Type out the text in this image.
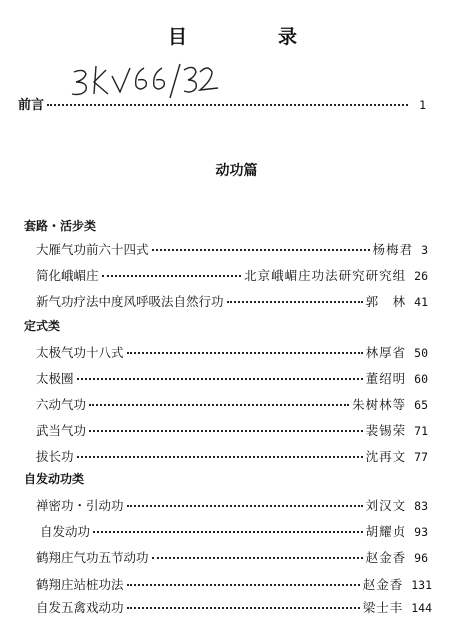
目　录
前言	1
动功篇
套路・活步类
大雁气功前六十四式	杨梅君 3
简化峨嵋庄	北京峨嵋庄功法研究研究组 26
新气功疗法中度风呼吸法自然行功	郭　林 41
定式类
太极气功十八式	林厚省 50
太极圈	董绍明 60
六动气功	朱树林等 65
武当气功	裴锡荣 71
拔长功	沈再文 77
自发动功类
禅密功・引动功	刘汉文 83
自发动功	胡耀贞 93
鹤翔庄气功五节动功	赵金香 96
鹤翔庄站桩功法	赵金香 131
自发五禽戏动功	梁士丰 144
